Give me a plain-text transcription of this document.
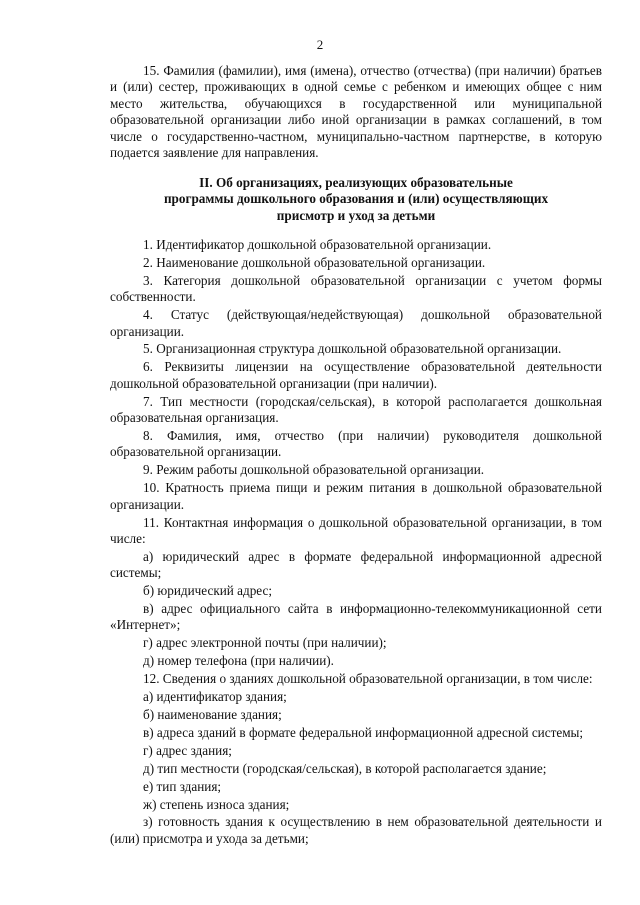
2

15. Фамилия (фамилии), имя (имена), отчество (отчества) (при наличии) братьев и (или) сестер, проживающих в одной семье с ребенком и имеющих общее с ним место жительства, обучающихся в государственной или муниципальной образовательной организации либо иной организации в рамках соглашений, в том числе о государственно-частном, муниципально-частном партнерстве, в которую подается заявление для направления.

II. Об организациях, реализующих образовательные
программы дошкольного образования и (или) осуществляющих
присмотр и уход за детьми

1. Идентификатор дошкольной образовательной организации.

2. Наименование дошкольной образовательной организации.

3. Категория дошкольной образовательной организации с учетом формы собственности.

4. Статус (действующая/недействующая) дошкольной образовательной организации.

5. Организационная структура дошкольной образовательной организации.

6. Реквизиты лицензии на осуществление образовательной деятельности дошкольной образовательной организации (при наличии).

7. Тип местности (городская/сельская), в которой располагается дошкольная образовательная организация.

8. Фамилия, имя, отчество (при наличии) руководителя дошкольной образовательной организации.

9. Режим работы дошкольной образовательной организации.

10. Кратность приема пищи и режим питания в дошкольной образовательной организации.

11. Контактная информация о дошкольной образовательной организации, в том числе:

а) юридический адрес в формате федеральной информационной адресной системы;

б) юридический адрес;

в) адрес официального сайта в информационно-телекоммуникационной сети «Интернет»;

г) адрес электронной почты (при наличии);

д) номер телефона (при наличии).

12. Сведения о зданиях дошкольной образовательной организации, в том числе:

а) идентификатор здания;

б) наименование здания;

в) адреса зданий в формате федеральной информационной адресной системы;

г) адрес здания;

д) тип местности (городская/сельская), в которой располагается здание;

е) тип здания;

ж) степень износа здания;

з) готовность здания к осуществлению в нем образовательной деятельности и (или) присмотра и ухода за детьми;
